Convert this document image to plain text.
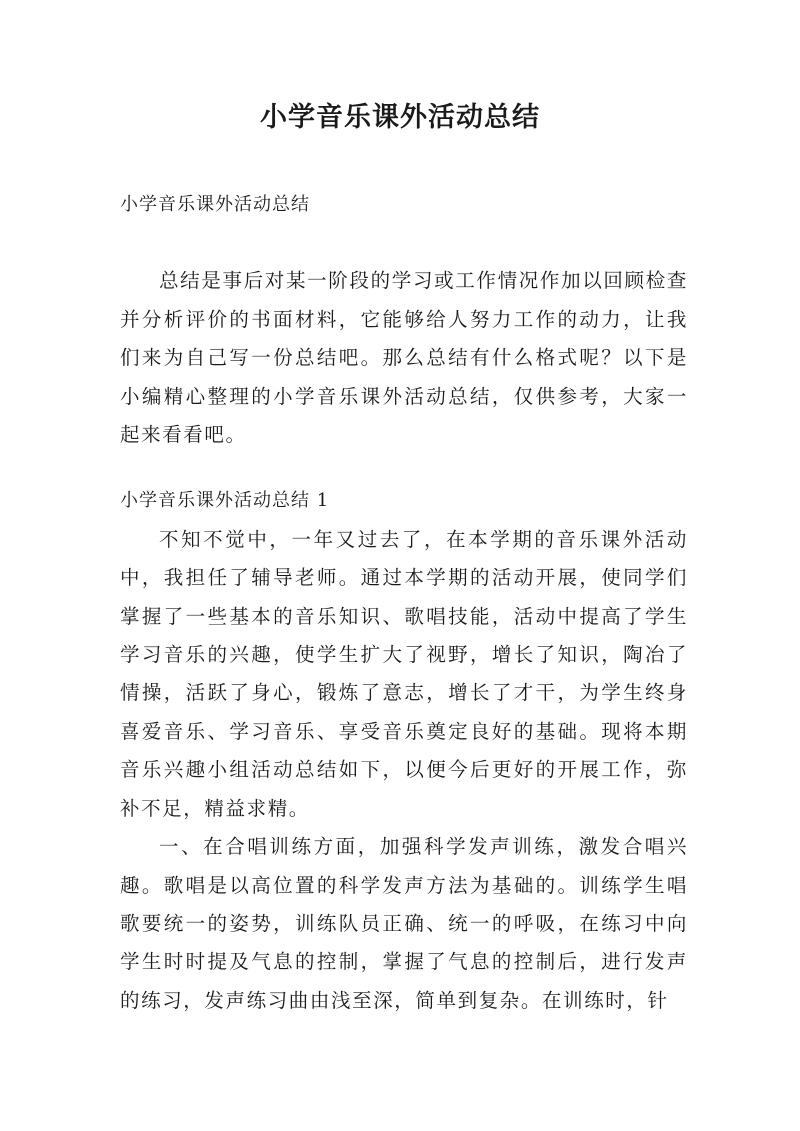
小学音乐课外活动总结

小学音乐课外活动总结

总结是事后对某一阶段的学习或工作情况作加以回顾检查并分析评价的书面材料，它能够给人努力工作的动力，让我们来为自己写一份总结吧。那么总结有什么格式呢？以下是小编精心整理的小学音乐课外活动总结，仅供参考，大家一起来看看吧。

小学音乐课外活动总结 1

不知不觉中，一年又过去了，在本学期的音乐课外活动中，我担任了辅导老师。通过本学期的活动开展，使同学们掌握了一些基本的音乐知识、歌唱技能，活动中提高了学生学习音乐的兴趣，使学生扩大了视野，增长了知识，陶冶了情操，活跃了身心，锻炼了意志，增长了才干，为学生终身喜爱音乐、学习音乐、享受音乐奠定良好的基础。现将本期音乐兴趣小组活动总结如下，以便今后更好的开展工作，弥补不足，精益求精。

一、在合唱训练方面，加强科学发声训练，激发合唱兴趣。歌唱是以高位置的科学发声方法为基础的。训练学生唱歌要统一的姿势，训练队员正确、统一的呼吸，在练习中向学生时时提及气息的控制，掌握了气息的控制后，进行发声的练习，发声练习曲由浅至深，简单到复杂。在训练时，针
